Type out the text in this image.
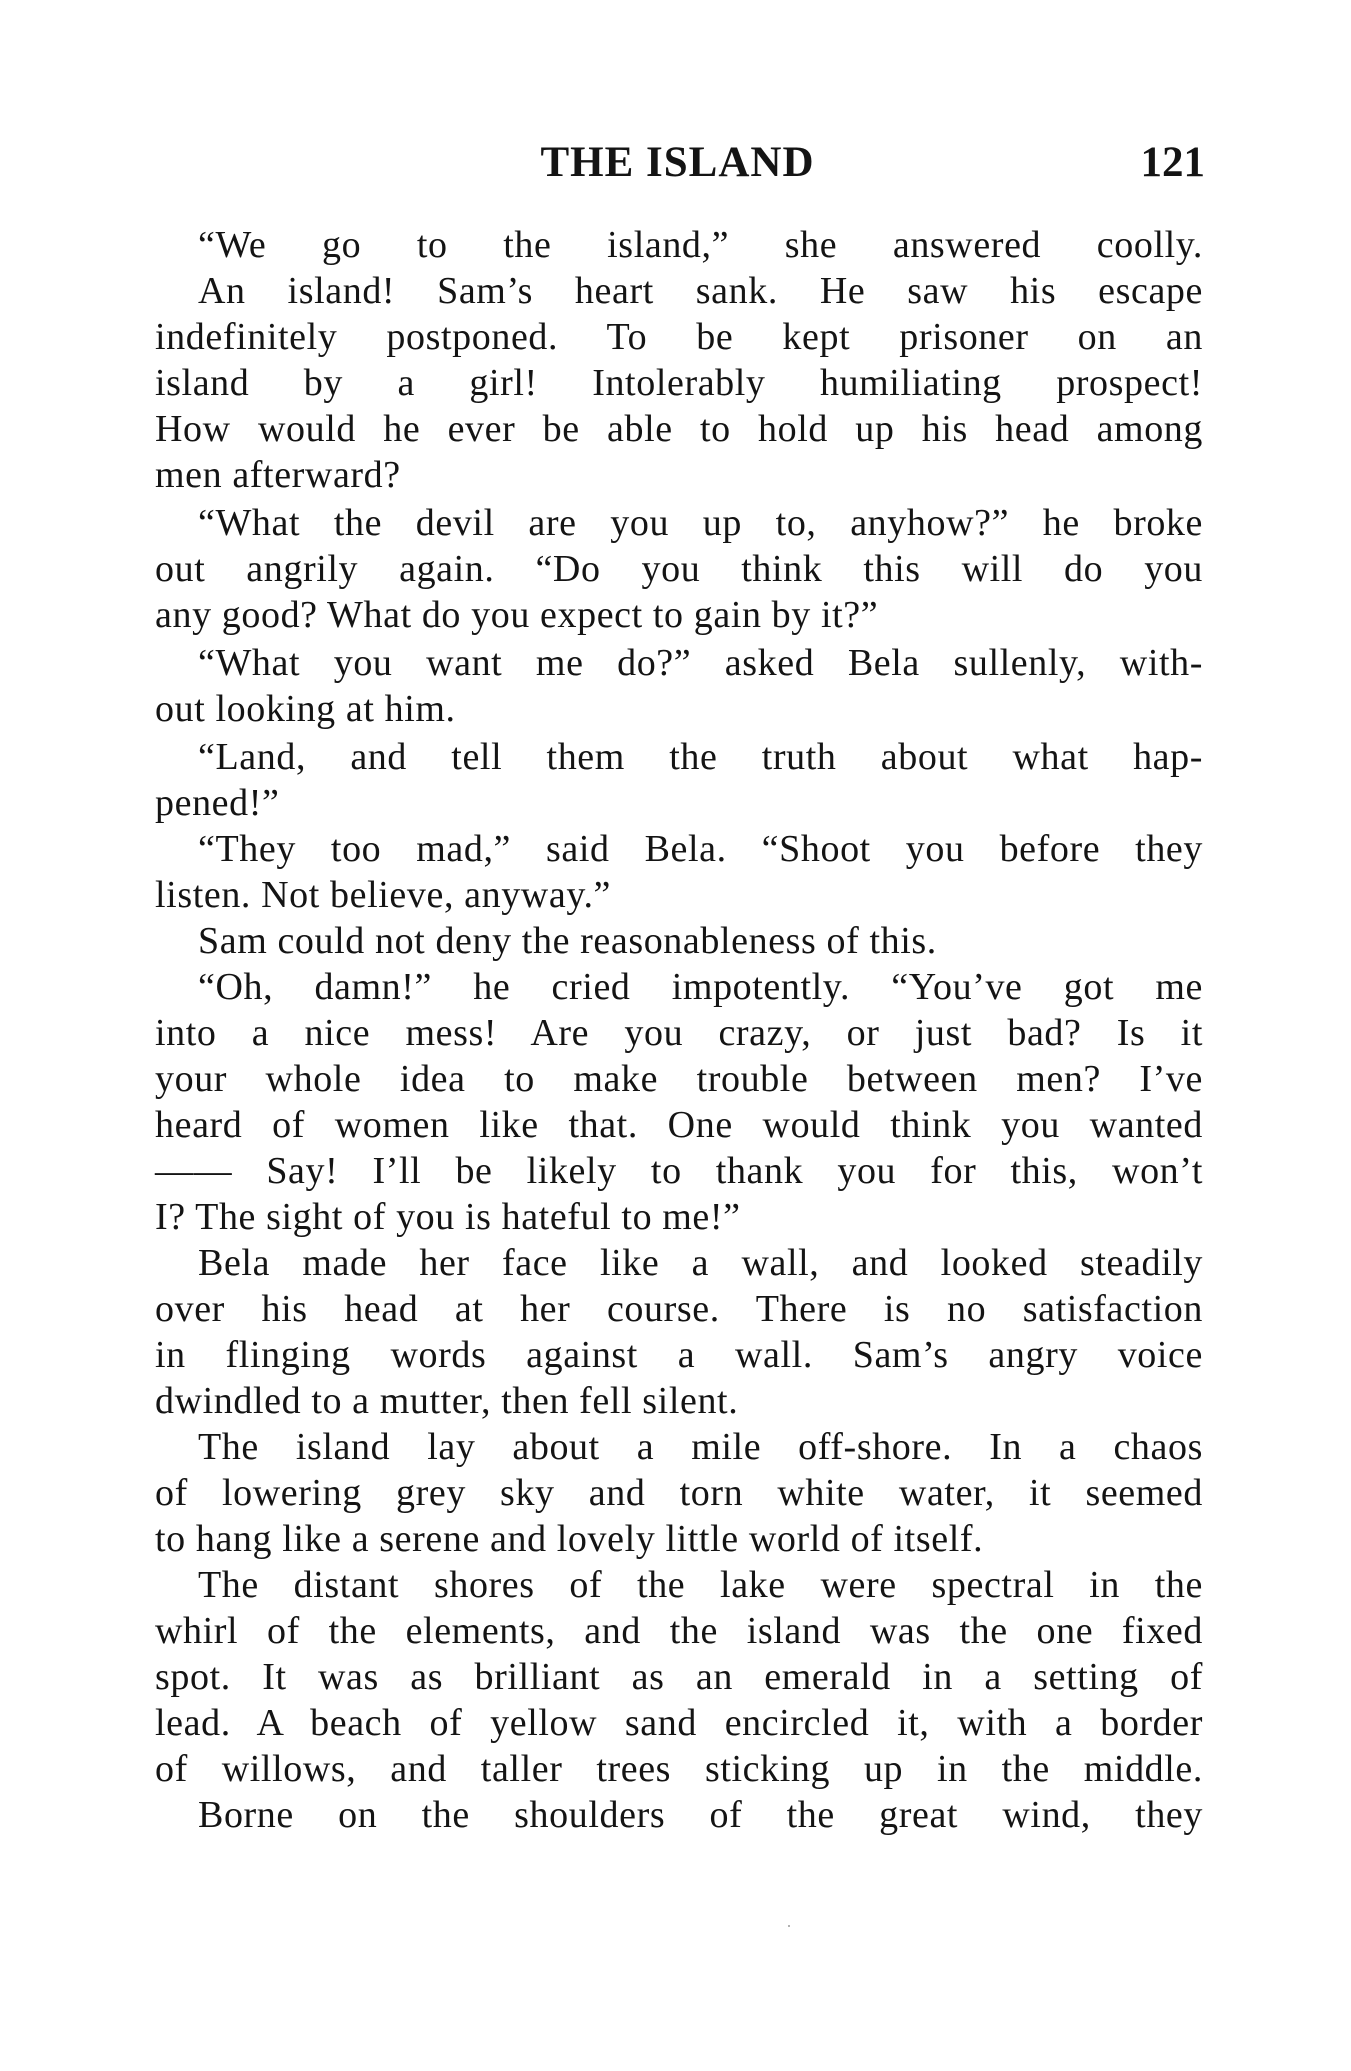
THE ISLAND	121
“We go to the island,” she answered coolly.
An island! Sam’s heart sank. He saw his escape
indefinitely postponed. To be kept prisoner on an
island by a girl! Intolerably humiliating prospect!
How would he ever be able to hold up his head among
men afterward?
“What the devil are you up to, anyhow?” he broke
out angrily again. “Do you think this will do you
any good? What do you expect to gain by it?”
“What you want me do?” asked Bela sullenly, with-
out looking at him.
“Land, and tell them the truth about what hap-
pened!”
“They too mad,” said Bela. “Shoot you before they
listen. Not believe, anyway.”
Sam could not deny the reasonableness of this.
“Oh, damn!” he cried impotently. “You’ve got me
into a nice mess! Are you crazy, or just bad? Is it
your whole idea to make trouble between men? I’ve
heard of women like that. One would think you wanted
—— Say! I’ll be likely to thank you for this, won’t
I? The sight of you is hateful to me!”
Bela made her face like a wall, and looked steadily
over his head at her course. There is no satisfaction
in flinging words against a wall. Sam’s angry voice
dwindled to a mutter, then fell silent.
The island lay about a mile off-shore. In a chaos
of lowering grey sky and torn white water, it seemed
to hang like a serene and lovely little world of itself.
The distant shores of the lake were spectral in the
whirl of the elements, and the island was the one fixed
spot. It was as brilliant as an emerald in a setting of
lead. A beach of yellow sand encircled it, with a border
of willows, and taller trees sticking up in the middle.
Borne on the shoulders of the great wind, they
